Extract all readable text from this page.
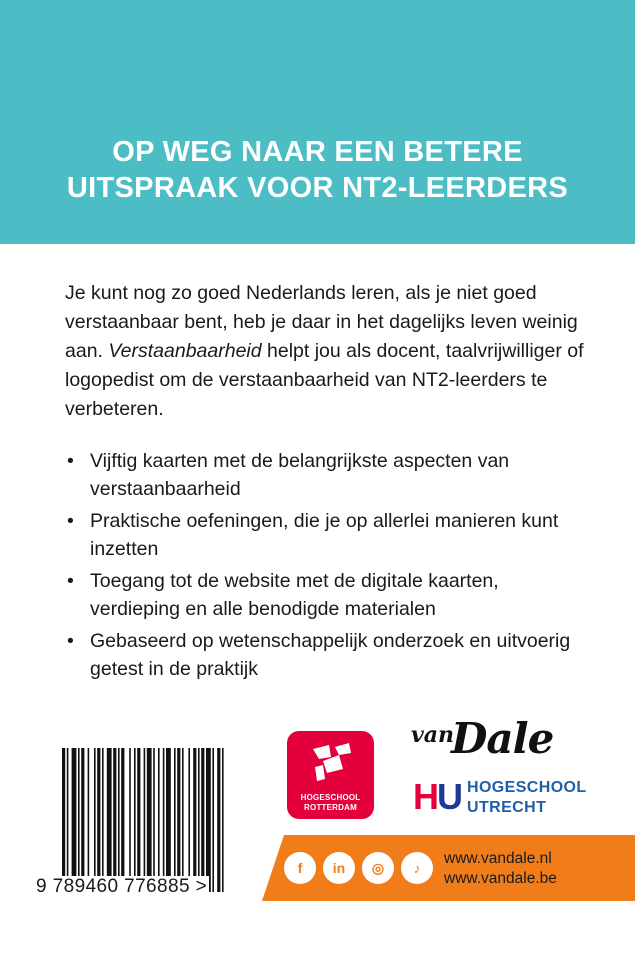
OP WEG NAAR EEN BETERE
UITSPRAAK VOOR NT2-LEERDERS
Je kunt nog zo goed Nederlands leren, als je niet goed verstaanbaar bent, heb je daar in het dagelijks leven weinig aan. Verstaanbaarheid helpt jou als docent, taalvrijwilliger of logopedist om de verstaanbaarheid van NT2-leerders te verbeteren.
• Vijftig kaarten met de belangrijkste aspecten van verstaanbaarheid
• Praktische oefeningen, die je op allerlei manieren kunt inzetten
• Toegang tot de website met de digitale kaarten, verdieping en alle benodigde materialen
• Gebaseerd op wetenschappelijk onderzoek en uitvoerig getest in de praktijk
9 789460 776885 >
HOGESCHOOL
ROTTERDAM
van
Dale
HU HOGESCHOOL
UTRECHT
f	in	◎	♪
www.vandale.nl
www.vandale.be
